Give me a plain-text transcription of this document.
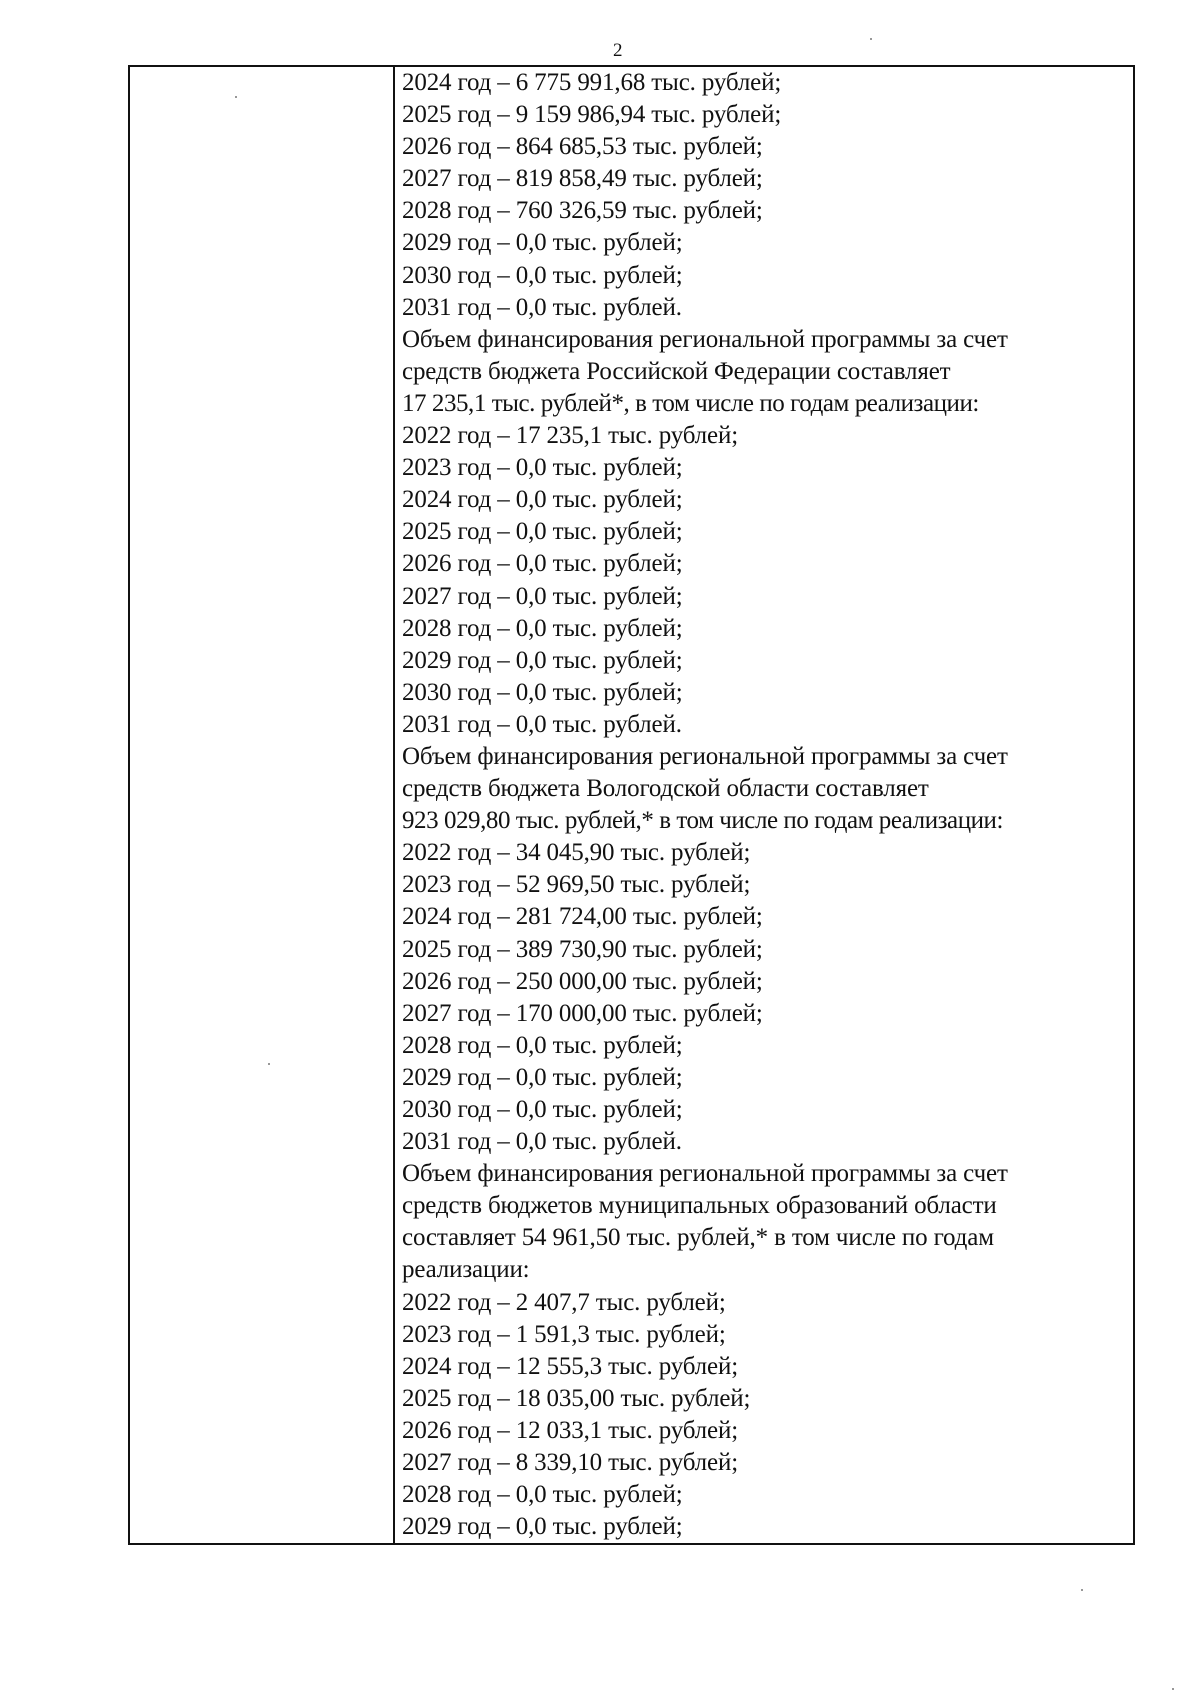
2
2024 год – 6 775 991,68 тыс. рублей;
2025 год – 9 159 986,94 тыс. рублей;
2026 год – 864 685,53 тыс. рублей;
2027 год – 819 858,49 тыс. рублей;
2028 год – 760 326,59 тыс. рублей;
2029 год – 0,0 тыс. рублей;
2030 год – 0,0 тыс. рублей;
2031 год – 0,0 тыс. рублей.
Объем финансирования региональной программы за счет
средств бюджета Российской Федерации составляет
17 235,1 тыс. рублей*, в том числе по годам реализации:
2022 год – 17 235,1 тыс. рублей;
2023 год – 0,0 тыс. рублей;
2024 год – 0,0 тыс. рублей;
2025 год – 0,0 тыс. рублей;
2026 год – 0,0 тыс. рублей;
2027 год – 0,0 тыс. рублей;
2028 год – 0,0 тыс. рублей;
2029 год – 0,0 тыс. рублей;
2030 год – 0,0 тыс. рублей;
2031 год – 0,0 тыс. рублей.
Объем финансирования региональной программы за счет
средств бюджета Вологодской области составляет
923 029,80 тыс. рублей,* в том числе по годам реализации:
2022 год – 34 045,90 тыс. рублей;
2023 год – 52 969,50 тыс. рублей;
2024 год – 281 724,00 тыс. рублей;
2025 год – 389 730,90 тыс. рублей;
2026 год – 250 000,00 тыс. рублей;
2027 год – 170 000,00 тыс. рублей;
2028 год – 0,0 тыс. рублей;
2029 год – 0,0 тыс. рублей;
2030 год – 0,0 тыс. рублей;
2031 год – 0,0 тыс. рублей.
Объем финансирования региональной программы за счет
средств бюджетов муниципальных образований области
составляет 54 961,50 тыс. рублей,* в том числе по годам
реализации:
2022 год – 2 407,7 тыс. рублей;
2023 год – 1 591,3 тыс. рублей;
2024 год – 12 555,3 тыс. рублей;
2025 год – 18 035,00 тыс. рублей;
2026 год – 12 033,1 тыс. рублей;
2027 год – 8 339,10 тыс. рублей;
2028 год – 0,0 тыс. рублей;
2029 год – 0,0 тыс. рублей;
